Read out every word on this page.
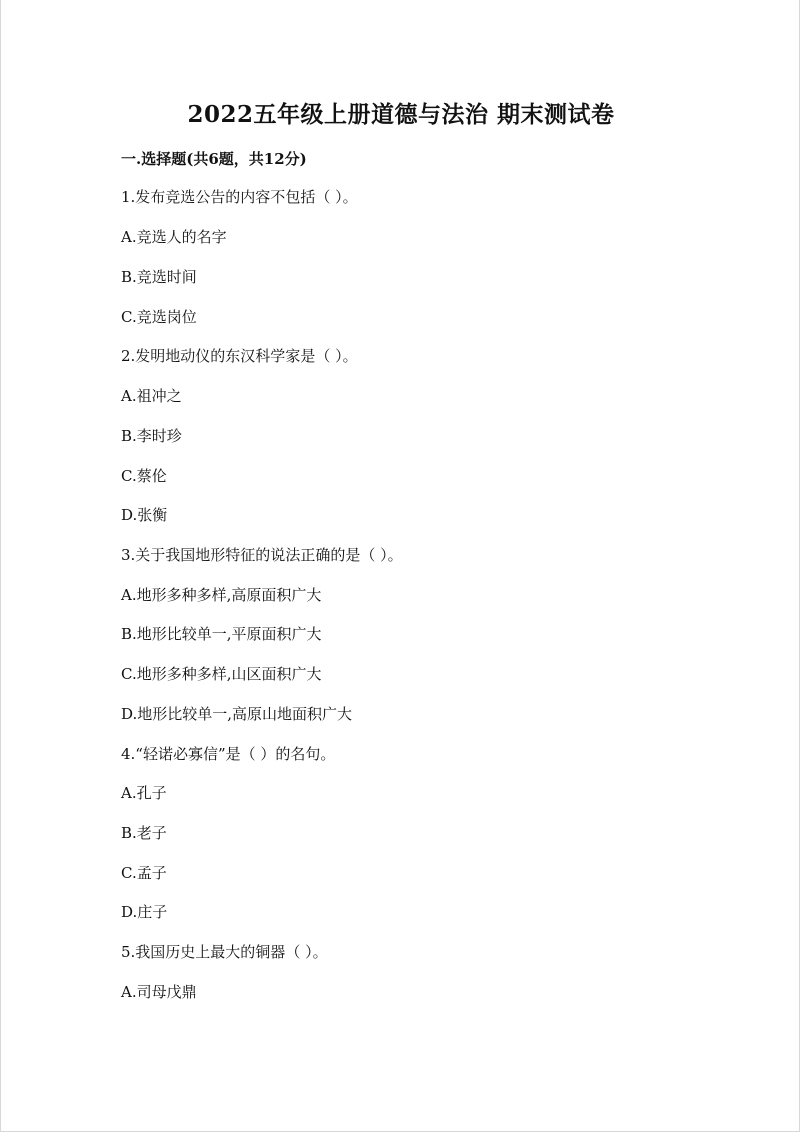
2022五年级上册道德与法治 期末测试卷
一.选择题(共6题，共12分)
1.发布竞选公告的内容不包括（ ）。
A.竞选人的名字
B.竞选时间
C.竞选岗位
2.发明地动仪的东汉科学家是（ ）。
A.祖冲之
B.李时珍
C.蔡伦
D.张衡
3.关于我国地形特征的说法正确的是（ ）。
A.地形多种多样,高原面积广大
B.地形比较单一,平原面积广大
C.地形多种多样,山区面积广大
D.地形比较单一,高原山地面积广大
4.“轻诺必寡信”是（ ）的名句。
A.孔子
B.老子
C.孟子
D.庄子
5.我国历史上最大的铜器（ ）。
A.司母戊鼎
